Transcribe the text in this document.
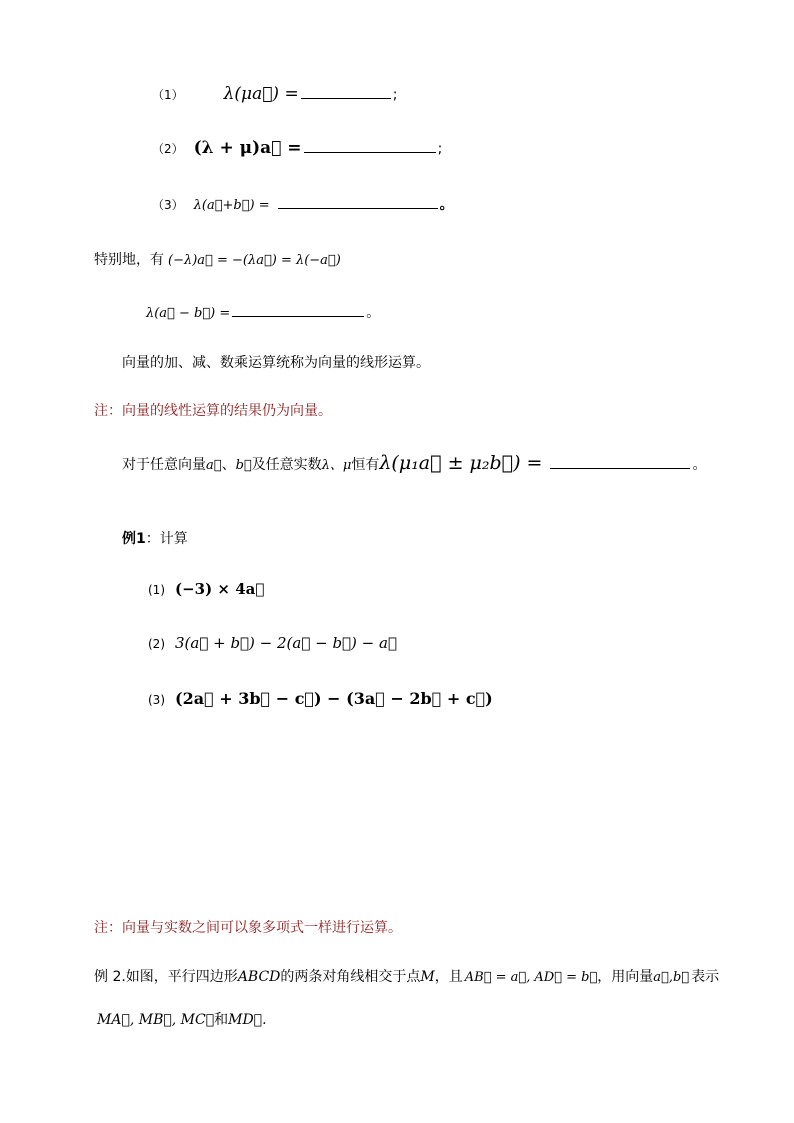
（1） λ(μa⃗) =	;
（2） (λ + μ)a⃗ =	;
（3） λ(a⃗+b⃗) =	。
特别地，有 (−λ)a⃗ = −(λa⃗) = λ(−a⃗)
λ(a⃗ − b⃗) =	。
向量的加、减、数乘运算统称为向量的线形运算。
注：向量的线性运算的结果仍为向量。
对于任意向量 a⃗ 、 b⃗ 及任意实数 λ、μ 恒有 λ(μ₁a⃗ ± μ₂b⃗) =	。
例1 ：计算
(1) (−3) × 4a⃗
(2) 3(a⃗ + b⃗) − 2(a⃗ − b⃗) − a⃗
(3) (2a⃗ + 3b⃗ − c⃗) − (3a⃗ − 2b⃗ + c⃗)
注：向量与实数之间可以象多项式一样进行运算。
例 2.如图，平行四边形 ABCD 的两条对角线相交于点 M ，且 AB⃗ = a⃗, AD⃗ = b⃗ ，用向量 a⃗,b⃗ 表示
MA⃗, MB⃗, MC⃗ 和 MD⃗.
